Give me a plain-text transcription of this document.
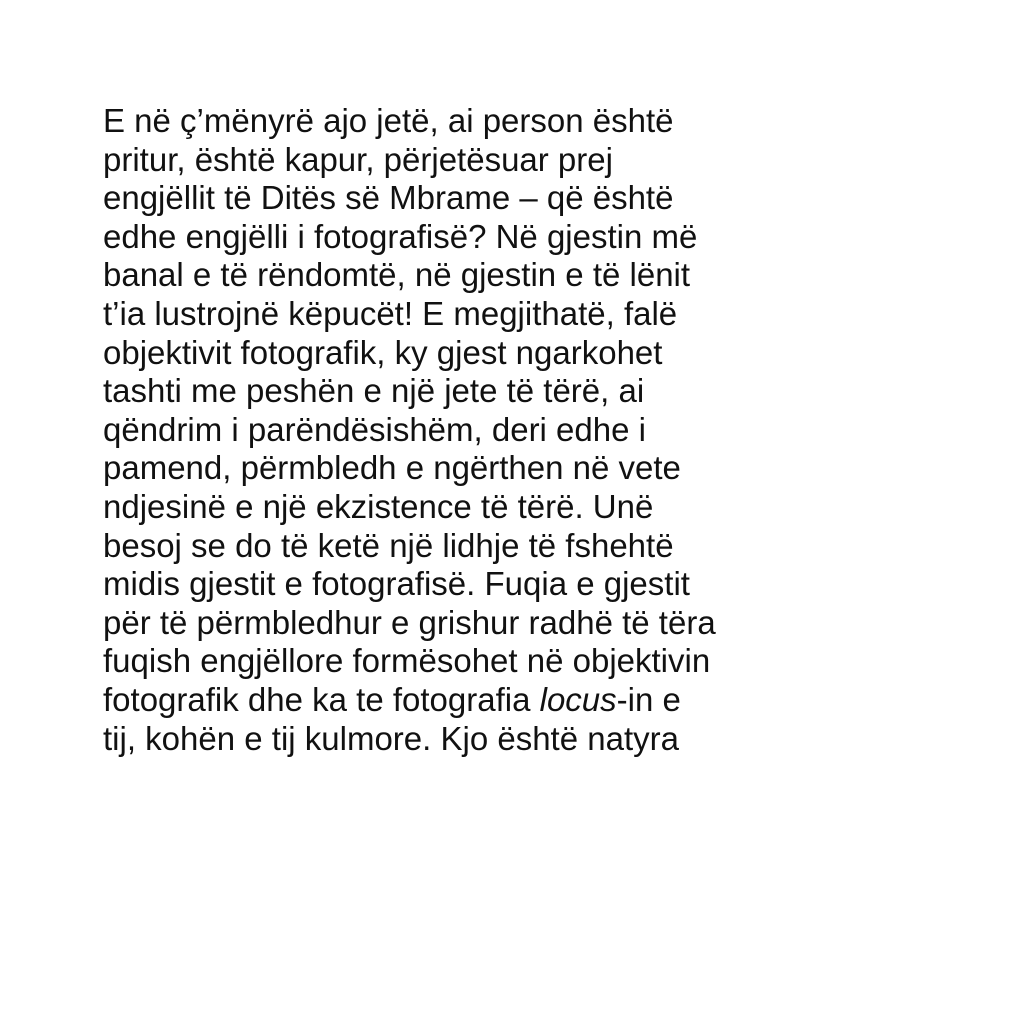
E në ç’mënyrë ajo jetë, ai person është
pritur, është kapur, përjetësuar prej
engjëllit të Ditës së Mbrame – që është
edhe engjëlli i fotografisë? Në gjestin më
banal e të rëndomtë, në gjestin e të lënit
t’ia lustrojnë këpucët! E megjithatë, falë
objektivit fotografik, ky gjest ngarkohet
tashti me peshën e një jete të tërë, ai
qëndrim i parëndësishëm, deri edhe i
pamend, përmbledh e ngërthen në vete
ndjesinë e një ekzistence të tërë. Unë
besoj se do të ketë një lidhje të fshehtë
midis gjestit e fotografisë. Fuqia e gjestit
për të përmbledhur e grishur radhë të tëra
fuqish engjëllore formësohet në objektivin
fotografik dhe ka te fotografia locus-in e
tij, kohën e tij kulmore. Kjo është natyra
